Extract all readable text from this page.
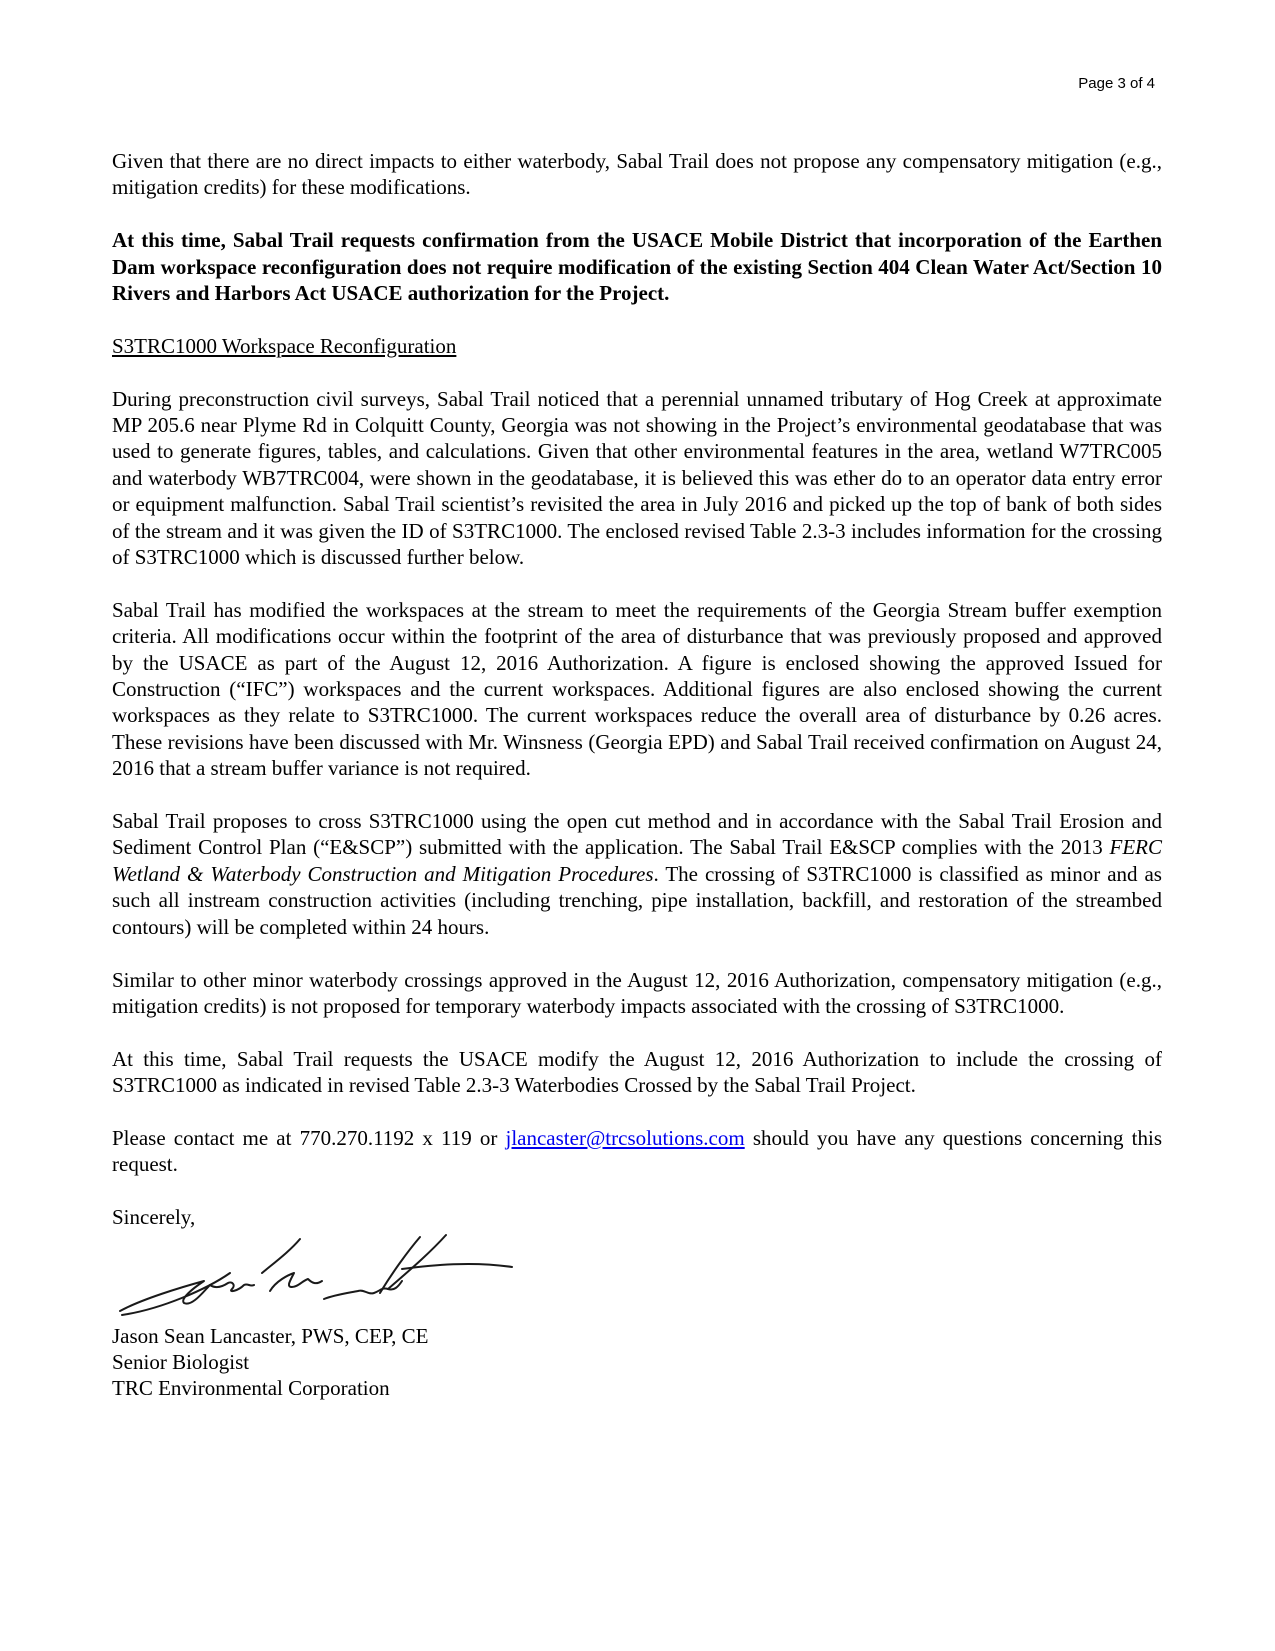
Page 3 of 4

Given that there are no direct impacts to either waterbody, Sabal Trail does not propose any compensatory mitigation (e.g., mitigation credits) for these modifications.

At this time, Sabal Trail requests confirmation from the USACE Mobile District that incorporation of the Earthen Dam workspace reconfiguration does not require modification of the existing Section 404 Clean Water Act/Section 10 Rivers and Harbors Act USACE authorization for the Project.

S3TRC1000 Workspace Reconfiguration

During preconstruction civil surveys, Sabal Trail noticed that a perennial unnamed tributary of Hog Creek at approximate MP 205.6 near Plyme Rd in Colquitt County, Georgia was not showing in the Project’s environmental geodatabase that was used to generate figures, tables, and calculations. Given that other environmental features in the area, wetland W7TRC005 and waterbody WB7TRC004, were shown in the geodatabase, it is believed this was ether do to an operator data entry error or equipment malfunction. Sabal Trail scientist’s revisited the area in July 2016 and picked up the top of bank of both sides of the stream and it was given the ID of S3TRC1000. The enclosed revised Table 2.3-3 includes information for the crossing of S3TRC1000 which is discussed further below.

Sabal Trail has modified the workspaces at the stream to meet the requirements of the Georgia Stream buffer exemption criteria. All modifications occur within the footprint of the area of disturbance that was previously proposed and approved by the USACE as part of the August 12, 2016 Authorization. A figure is enclosed showing the approved Issued for Construction (“IFC”) workspaces and the current workspaces. Additional figures are also enclosed showing the current workspaces as they relate to S3TRC1000. The current workspaces reduce the overall area of disturbance by 0.26 acres. These revisions have been discussed with Mr. Winsness (Georgia EPD) and Sabal Trail received confirmation on August 24, 2016 that a stream buffer variance is not required.

Sabal Trail proposes to cross S3TRC1000 using the open cut method and in accordance with the Sabal Trail Erosion and Sediment Control Plan (“E&SCP”) submitted with the application. The Sabal Trail E&SCP complies with the 2013 FERC Wetland & Waterbody Construction and Mitigation Procedures. The crossing of S3TRC1000 is classified as minor and as such all instream construction activities (including trenching, pipe installation, backfill, and restoration of the streambed contours) will be completed within 24 hours.

Similar to other minor waterbody crossings approved in the August 12, 2016 Authorization, compensatory mitigation (e.g., mitigation credits) is not proposed for temporary waterbody impacts associated with the crossing of S3TRC1000.

At this time, Sabal Trail requests the USACE modify the August 12, 2016 Authorization to include the crossing of S3TRC1000 as indicated in revised Table 2.3-3 Waterbodies Crossed by the Sabal Trail Project.

Please contact me at 770.270.1192 x 119 or jlancaster@trcsolutions.com should you have any questions concerning this request.

Sincerely,

Jason Sean Lancaster, PWS, CEP, CE

Senior Biologist

TRC Environmental Corporation
